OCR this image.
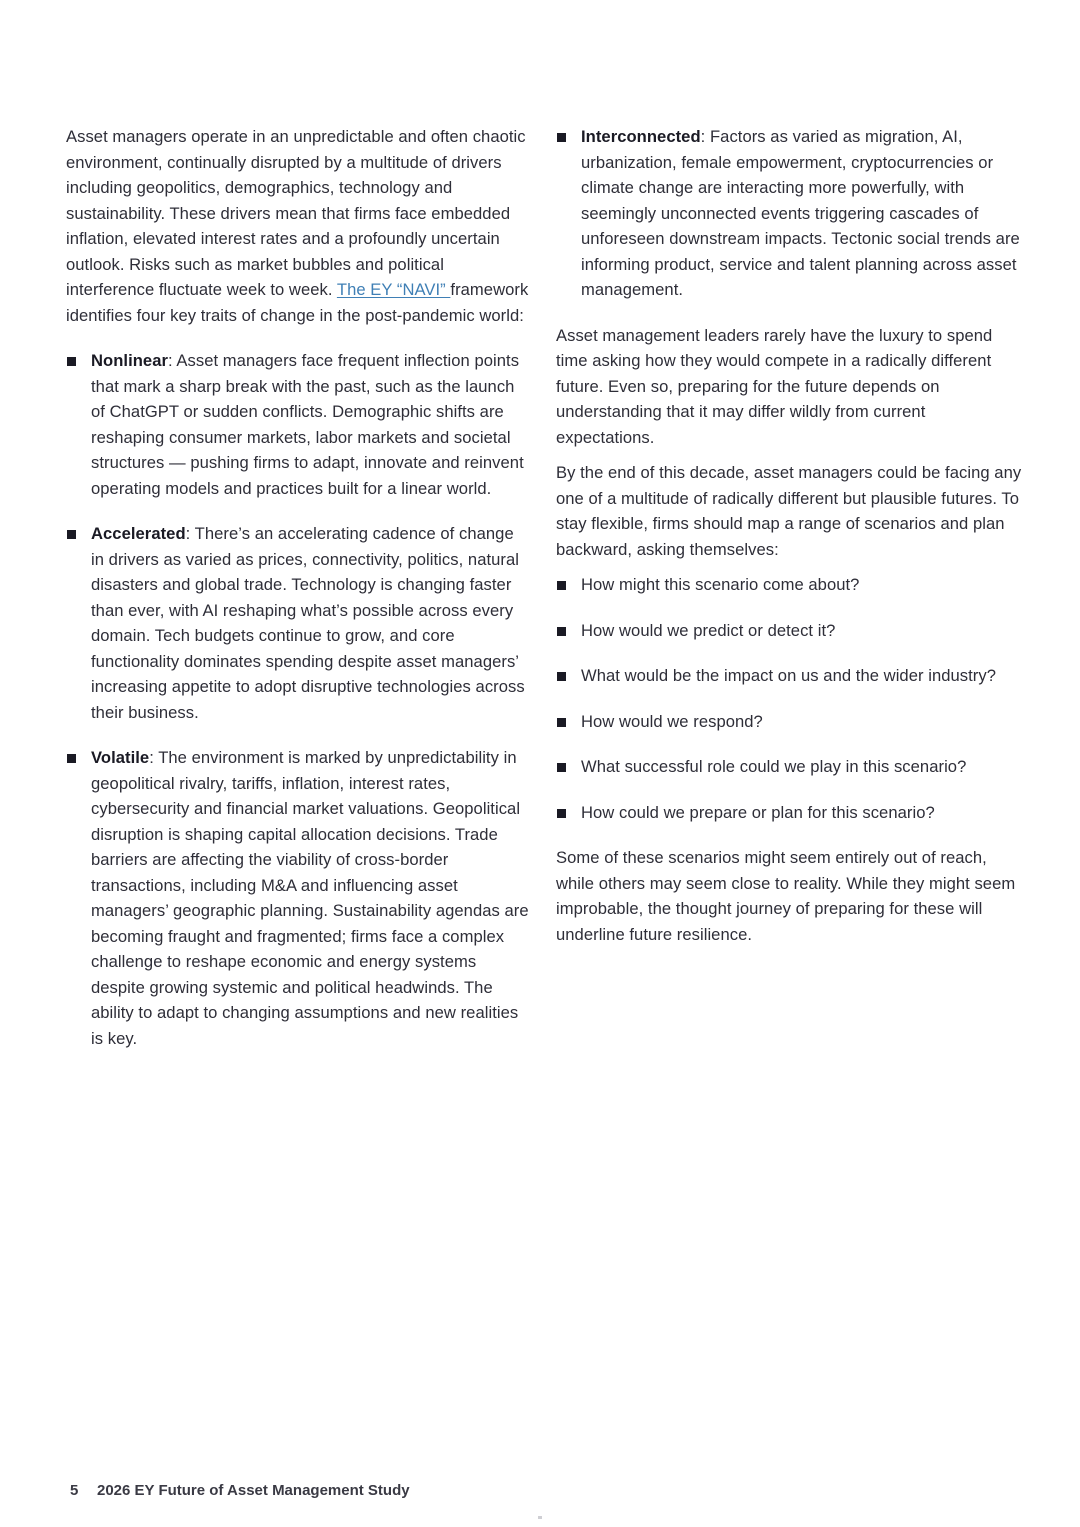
Asset managers operate in an unpredictable and often chaotic environment, continually disrupted by a multitude of drivers including geopolitics, demographics, technology and sustainability. These drivers mean that firms face embedded inflation, elevated interest rates and a profoundly uncertain outlook. Risks such as market bubbles and political interference fluctuate week to week. The EY “NAVI” framework identifies four key traits of change in the post-pandemic world:

Nonlinear: Asset managers face frequent inflection points that mark a sharp break with the past, such as the launch of ChatGPT or sudden conflicts. Demographic shifts are reshaping consumer markets, labor markets and societal structures — pushing firms to adapt, innovate and reinvent operating models and practices built for a linear world.
Accelerated: There’s an accelerating cadence of change in drivers as varied as prices, connectivity, politics, natural disasters and global trade. Technology is changing faster than ever, with AI reshaping what’s possible across every domain. Tech budgets continue to grow, and core functionality dominates spending despite asset managers’ increasing appetite to adopt disruptive technologies across their business.
Volatile: The environment is marked by unpredictability in geopolitical rivalry, tariffs, inflation, interest rates, cybersecurity and financial market valuations. Geopolitical disruption is shaping capital allocation decisions. Trade barriers are affecting the viability of cross-border transactions, including M&A and influencing asset managers’ geographic planning. Sustainability agendas are becoming fraught and fragmented; firms face a complex challenge to reshape economic and energy systems despite growing systemic and political headwinds. The ability to adapt to changing assumptions and new realities is key.
Interconnected: Factors as varied as migration, AI, urbanization, female empowerment, cryptocurrencies or climate change are interacting more powerfully, with seemingly unconnected events triggering cascades of unforeseen downstream impacts. Tectonic social trends are informing product, service and talent planning across asset management.

Asset management leaders rarely have the luxury to spend time asking how they would compete in a radically different future. Even so, preparing for the future depends on understanding that it may differ wildly from current expectations.

By the end of this decade, asset managers could be facing any one of a multitude of radically different but plausible futures. To stay flexible, firms should map a range of scenarios and plan backward, asking themselves:

How might this scenario come about?
How would we predict or detect it?
What would be the impact on us and the wider industry?
How would we respond?
What successful role could we play in this scenario?
How could we prepare or plan for this scenario?

Some of these scenarios might seem entirely out of reach, while others may seem close to reality. While they might seem improbable, the thought journey of preparing for these will underline future resilience.

5 2026 EY Future of Asset Management Study
